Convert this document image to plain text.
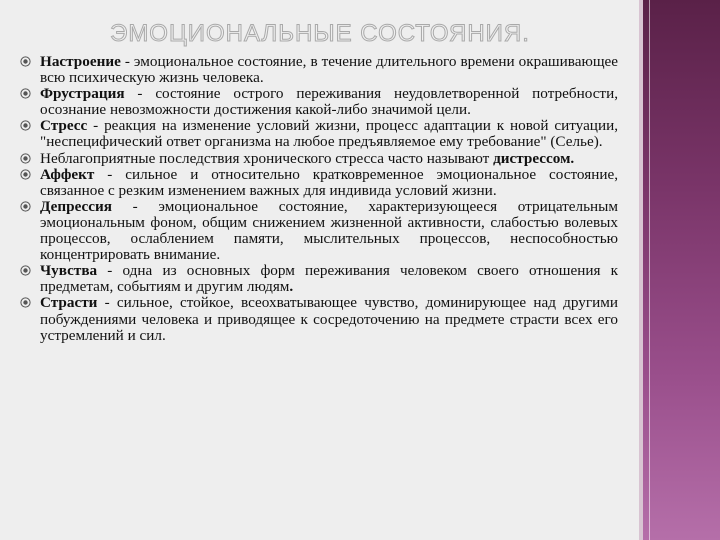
ЭМОЦИОНАЛЬНЫЕ СОСТОЯНИЯ.
Настроение - эмоциональное состояние, в течение длительного времени окрашивающее всю психическую жизнь человека.
Фрустрация - состояние острого переживания неудовлетворенной потребности, осознание невозможности достижения какой-либо значимой цели.
Стресс - реакция на изменение условий жизни, процесс адаптации к новой ситуации, "неспецифический ответ организма на любое предъявляемое ему требование" (Селье).
Неблагоприятные последствия хронического стресса часто называют дистрессом.
Аффект - сильное и относительно кратковременное эмоциональное состояние, связанное с резким изменением важных для индивида условий жизни.
Депрессия - эмоциональное состояние, характеризующееся отрицательным эмоциональным фоном, общим снижением жизненной активности, слабостью волевых процессов, ослаблением памяти, мыслительных процессов, неспособностью концентрировать внимание.
Чувства - одна из основных форм переживания человеком своего отношения к предметам, событиям и другим людям.
Страсти - сильное, стойкое, всеохватывающее чувство, доминирующее над другими побуждениями человека и приводящее к сосредоточению на предмете страсти всех его устремлений и сил.
